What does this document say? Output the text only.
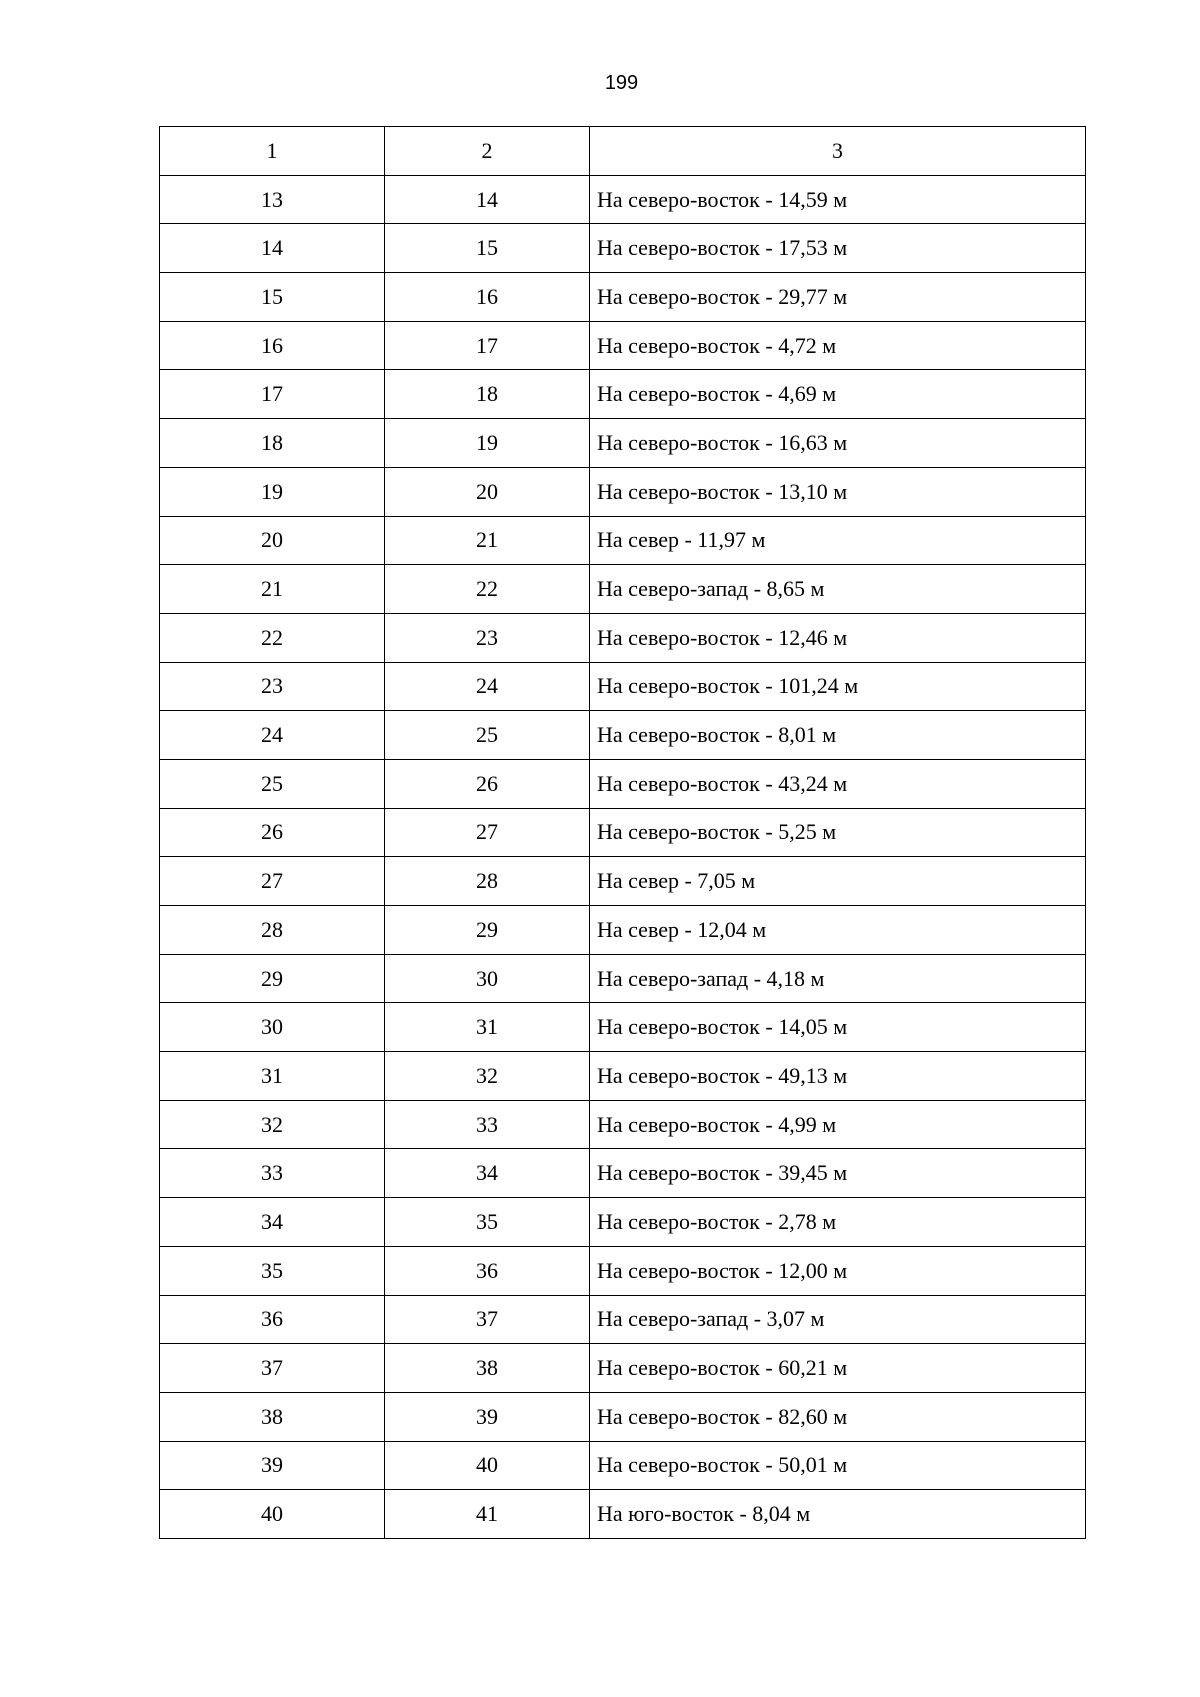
199
1	2	3
13	14	На северо-восток - 14,59 м
14	15	На северо-восток - 17,53 м
15	16	На северо-восток - 29,77 м
16	17	На северо-восток - 4,72 м
17	18	На северо-восток - 4,69 м
18	19	На северо-восток - 16,63 м
19	20	На северо-восток - 13,10 м
20	21	На север - 11,97 м
21	22	На северо-запад - 8,65 м
22	23	На северо-восток - 12,46 м
23	24	На северо-восток - 101,24 м
24	25	На северо-восток - 8,01 м
25	26	На северо-восток - 43,24 м
26	27	На северо-восток - 5,25 м
27	28	На север - 7,05 м
28	29	На север - 12,04 м
29	30	На северо-запад - 4,18 м
30	31	На северо-восток - 14,05 м
31	32	На северо-восток - 49,13 м
32	33	На северо-восток - 4,99 м
33	34	На северо-восток - 39,45 м
34	35	На северо-восток - 2,78 м
35	36	На северо-восток - 12,00 м
36	37	На северо-запад - 3,07 м
37	38	На северо-восток - 60,21 м
38	39	На северо-восток - 82,60 м
39	40	На северо-восток - 50,01 м
40	41	На юго-восток - 8,04 м
